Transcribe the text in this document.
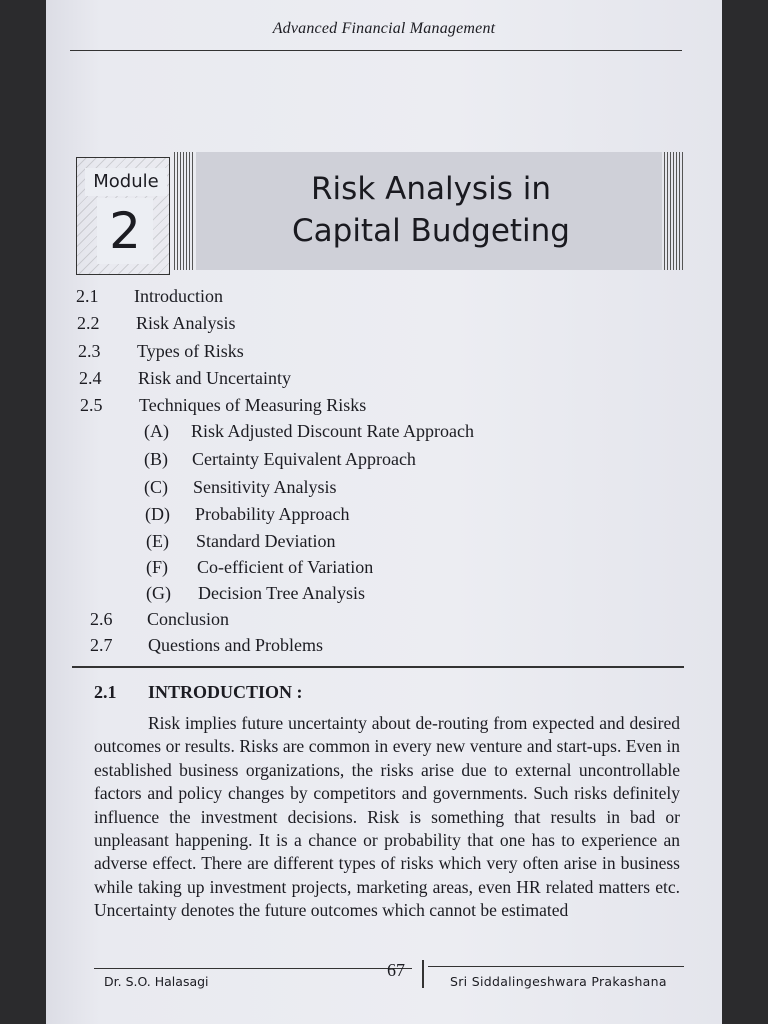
Advanced Financial Management
Module
2
Risk Analysis in
Capital Budgeting
2.1 Introduction
2.2 Risk Analysis
2.3 Types of Risks
2.4 Risk and Uncertainty
2.5 Techniques of Measuring Risks
(A) Risk Adjusted Discount Rate Approach
(B) Certainty Equivalent Approach
(C) Sensitivity Analysis
(D) Probability Approach
(E) Standard Deviation
(F) Co-efficient of Variation
(G) Decision Tree Analysis
2.6 Conclusion
2.7 Questions and Problems
2.1 INTRODUCTION :

Risk implies future uncertainty about de-routing from expected and desired outcomes or results. Risks are common in every new venture and start-ups. Even in established business organizations, the risks arise due to external uncontrollable factors and policy changes by competitors and governments. Such risks definitely influence the investment decisions. Risk is something that results in bad or unpleasant happening. It is a chance or probability that one has to experience an adverse effect. There are different types of risks which very often arise in business while taking up investment projects, marketing areas, even HR related matters etc. Uncertainty denotes the future outcomes which cannot be estimated

Dr. S.O. Halasagi
67
Sri Siddalingeshwara Prakashana
